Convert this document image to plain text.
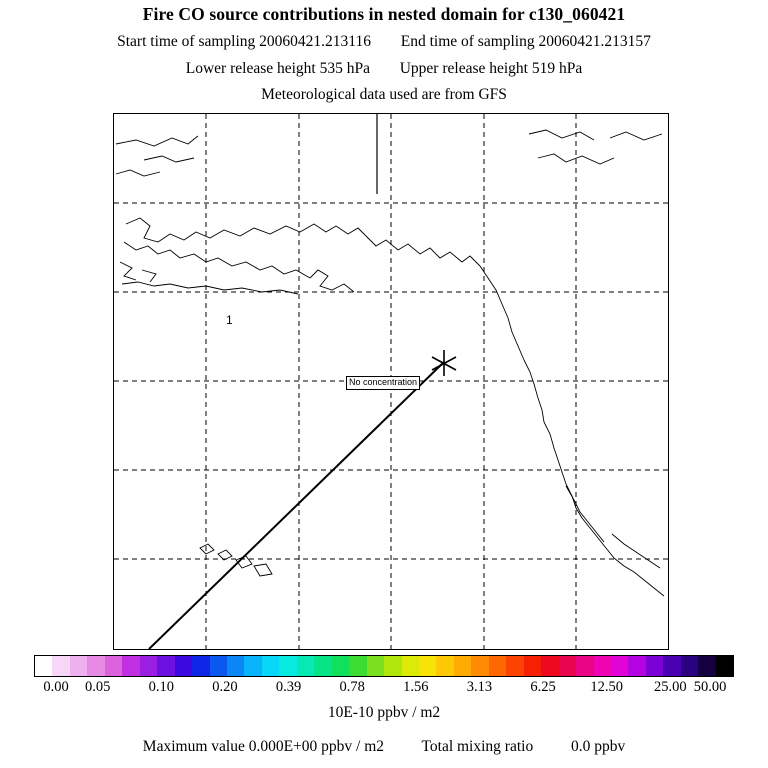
Fire CO source contributions in nested domain for c130_060421
Start time of sampling 20060421.213116 End time of sampling 20060421.213157
Lower release height 535 hPa Upper release height 519 hPa
Meteorological data used are from GFS
No concentration
1
0.00 0.05	0.10	0.20	0.39	0.78	1.56	3.13	6.25 12.50 25.00 50.00
10E-10 ppbv / m2
Maximum value 0.000E+00 ppbv / m2 Total mixing ratio 0.0 ppbv
